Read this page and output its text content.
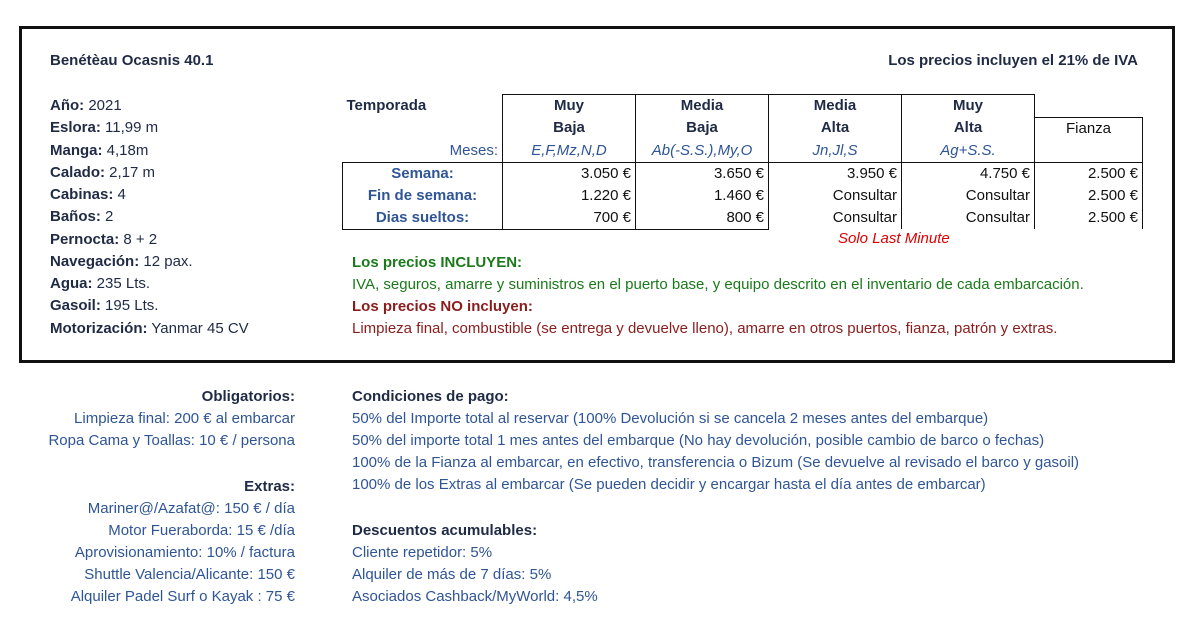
Benétèau Ocasnis 40.1	Los precios incluyen el 21% de IVA
Año: 2021
Eslora: 11,99 m
Manga: 4,18m
Calado: 2,17 m
Cabinas: 4
Baños: 2
Pernocta: 8 + 2
Navegación: 12 pax.
Agua: 235 Lts.
Gasoil: 195 Lts.
Motorización: Yanmar 45 CV
Temporada	Muy	Media	Media	Muy	
	Baja	Baja	Alta	Alta	Fianza
Meses:	E,F,Mz,N,D	Ab(-S.S.),My,O	Jn,Jl,S	Ag+S.S.	
Semana:	3.050 €	3.650 €	3.950 €	4.750 €	2.500 €
Fin de semana:	1.220 €	1.460 €	Consultar	Consultar	2.500 €
Dias sueltos:	700 €	800 €	Consultar	Consultar	2.500 €
Solo Last Minute
Los precios INCLUYEN:
IVA, seguros, amarre y suministros en el puerto base, y equipo descrito en el inventario de cada embarcación.
Los precios NO incluyen:
Limpieza final, combustible (se entrega y devuelve lleno), amarre en otros puertos, fianza, patrón y extras.
Obligatorios:
Limpieza final: 200 € al embarcar
Ropa Cama y Toallas: 10 € / persona
Extras:
Mariner@/Azafat@: 150 € / día
Motor Fueraborda: 15 € /día
Aprovisionamiento: 10% / factura
Shuttle Valencia/Alicante: 150 €
Alquiler Padel Surf o Kayak : 75 €
Condiciones de pago:
50% del Importe total al reservar (100% Devolución si se cancela 2 meses antes del embarque)
50% del importe total 1 mes antes del embarque (No hay devolución, posible cambio de barco o fechas)
100% de la Fianza al embarcar, en efectivo, transferencia o Bizum (Se devuelve al revisado el barco y gasoil)
100% de los Extras al embarcar (Se pueden decidir y encargar hasta el día antes de embarcar)
Descuentos acumulables:
Cliente repetidor: 5%
Alquiler de más de 7 días: 5%
Asociados Cashback/MyWorld: 4,5%
